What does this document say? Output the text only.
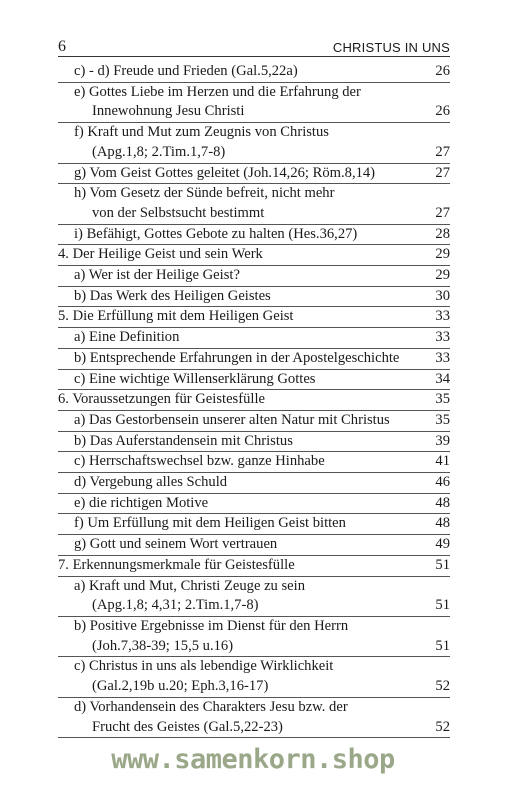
6	CHRISTUS IN UNS
c) - d) Freude und Frieden (Gal.5,22a)	26
e) Gottes Liebe im Herzen und die Erfahrung der
Innewohnung Jesu Christi	26
f) Kraft und Mut zum Zeugnis von Christus
(Apg.1,8; 2.Tim.1,7-8)	27
g) Vom Geist Gottes geleitet (Joh.14,26; Röm.8,14)	27
h) Vom Gesetz der Sünde befreit, nicht mehr
von der Selbstsucht bestimmt	27
i) Befähigt, Gottes Gebote zu halten (Hes.36,27)	28
4. Der Heilige Geist und sein Werk	29
a) Wer ist der Heilige Geist?	29
b) Das Werk des Heiligen Geistes	30
5. Die Erfüllung mit dem Heiligen Geist	33
a) Eine Definition	33
b) Entsprechende Erfahrungen in der Apostelgeschichte	33
c) Eine wichtige Willenserklärung Gottes	34
6. Voraussetzungen für Geistesfülle	35
a) Das Gestorbensein unserer alten Natur mit Christus	35
b) Das Auferstandensein mit Christus	39
c) Herrschaftswechsel bzw. ganze Hinhabe	41
d) Vergebung alles Schuld	46
e) die richtigen Motive	48
f) Um Erfüllung mit dem Heiligen Geist bitten	48
g) Gott und seinem Wort vertrauen	49
7. Erkennungsmerkmale für Geistesfülle	51
a) Kraft und Mut, Christi Zeuge zu sein
(Apg.1,8; 4,31; 2.Tim.1,7-8)	51
b) Positive Ergebnisse im Dienst für den Herrn
(Joh.7,38-39; 15,5 u.16)	51
c) Christus in uns als lebendige Wirklichkeit
(Gal.2,19b u.20; Eph.3,16-17)	52
d) Vorhandensein des Charakters Jesu bzw. der
Frucht des Geistes (Gal.5,22-23)	52
www.samenkorn.shop
